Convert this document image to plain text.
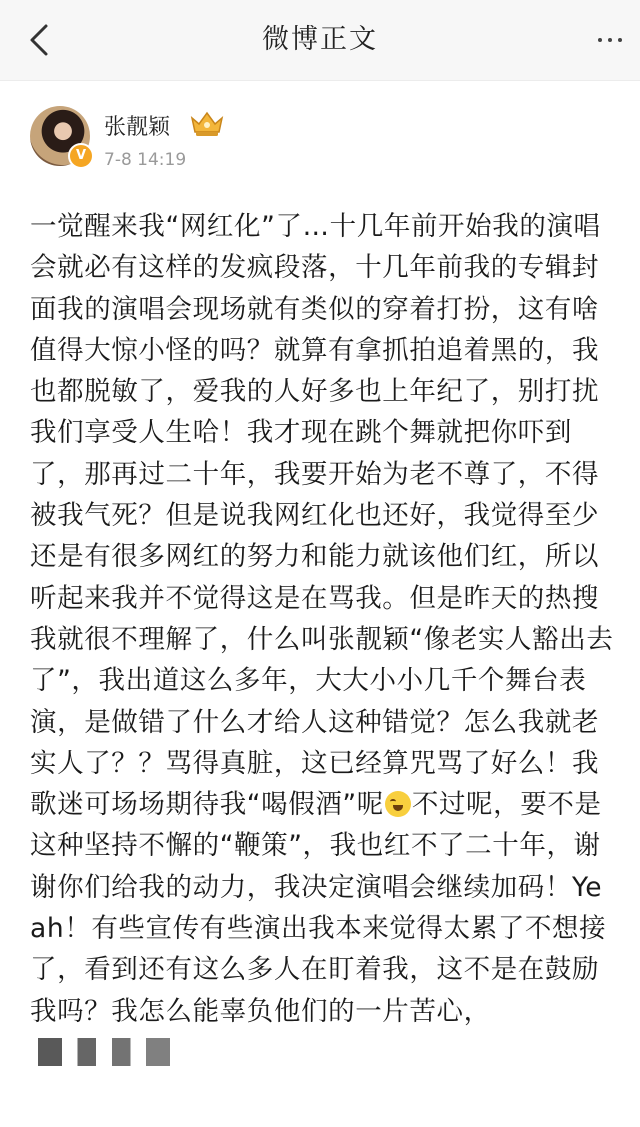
微博正文
V
张靓颖
7-8 14:19
一觉醒来我“网红化”了…十几年前开始我的演唱会就必有这样的发疯段落，十几年前我的专辑封面我的演唱会现场就有类似的穿着打扮，这有啥值得大惊小怪的吗？就算有拿抓拍追着黑的，我也都脱敏了，爱我的人好多也上年纪了，别打扰我们享受人生哈！我才现在跳个舞就把你吓到了，那再过二十年，我要开始为老不尊了，不得被我气死？但是说我网红化也还好，我觉得至少还是有很多网红的努力和能力就该他们红，所以听起来我并不觉得这是在骂我。但是昨天的热搜我就很不理解了，什么叫张靓颖“像老实人豁出去了”，我出道这么多年，大大小小几千个舞台表演，是做错了什么才给人这种错觉？怎么我就老实人了？？骂得真脏，这已经算咒骂了好么！我歌迷可场场期待我“喝假酒”呢 不过呢，要不是这种坚持不懈的“鞭策”，我也红不了二十年，谢谢你们给我的动力，我决定演唱会继续加码！Yeah！有些宣传有些演出我本来觉得太累了不想接了，看到还有这么多人在盯着我，这不是在鼓励我吗？我怎么能辜负他们的一片苦心，
